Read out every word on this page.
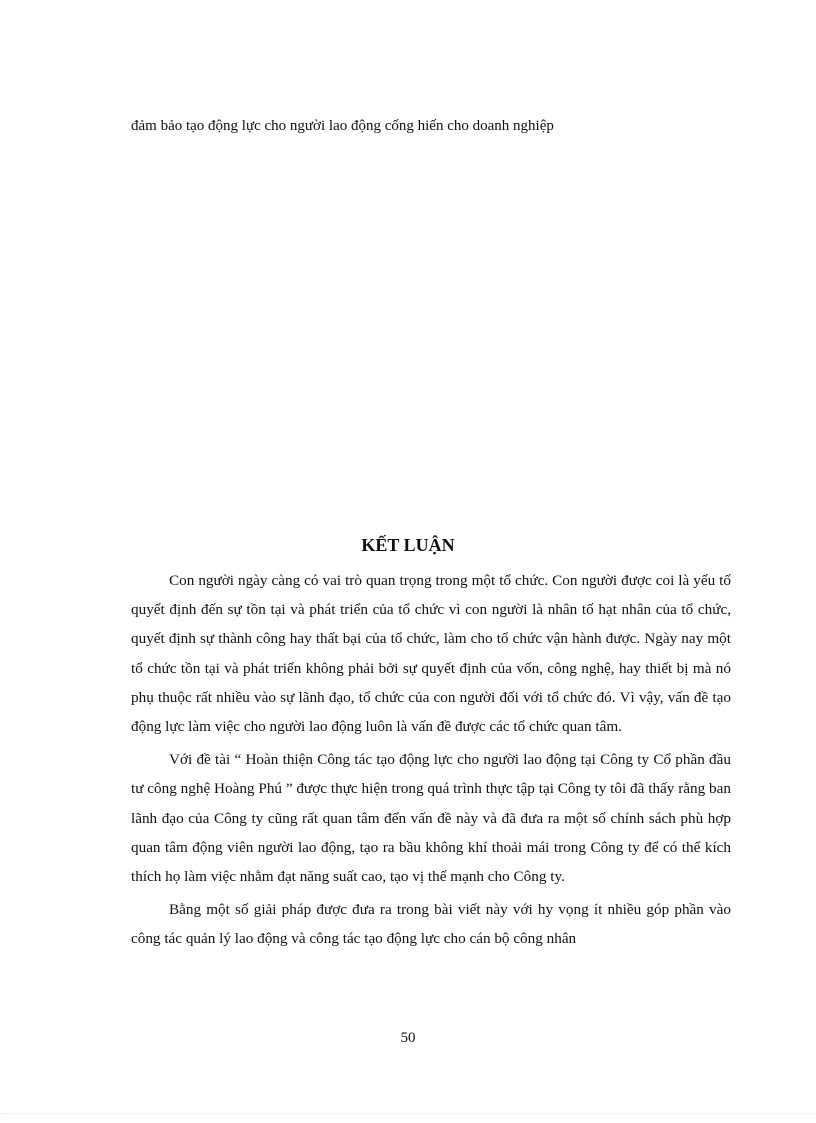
đảm bảo tạo động lực cho người lao động cống hiến cho doanh nghiệp
KẾT LUẬN

Con người ngày càng có vai trò quan trọng trong một tổ chức. Con người được coi là yếu tố quyết định đến sự tồn tại và phát triển của tổ chức vì con người là nhân tố hạt nhân của tổ chức, quyết định sự thành công hay thất bại của tổ chức, làm cho tổ chức vận hành được. Ngày nay một tổ chức tồn tại và phát triển không phải bởi sự quyết định của vốn, công nghệ, hay thiết bị mà nó phụ thuộc rất nhiều vào sự lãnh đạo, tổ chức của con người đối với tổ chức đó. Vì vậy, vấn đề tạo động lực làm việc cho người lao động luôn là vấn đề được các tổ chức quan tâm.

Với đề tài “ Hoàn thiện Công tác tạo động lực cho người lao động tại Công ty Cổ phần đầu tư công nghệ Hoàng Phú ” được thực hiện trong quá trình thực tập tại Công ty tôi đã thấy rằng ban lãnh đạo của Công ty cũng rất quan tâm đến vấn đề này và đã đưa ra một số chính sách phù hợp quan tâm động viên người lao động, tạo ra bầu không khí thoải mái trong Công ty để có thể kích thích họ làm việc nhằm đạt năng suất cao, tạo vị thế mạnh cho Công ty.

Bằng một số giải pháp được đưa ra trong bài viết này với hy vọng ít nhiều góp phần vào công tác quản lý lao động và công tác tạo động lực cho cán bộ công nhân

50
